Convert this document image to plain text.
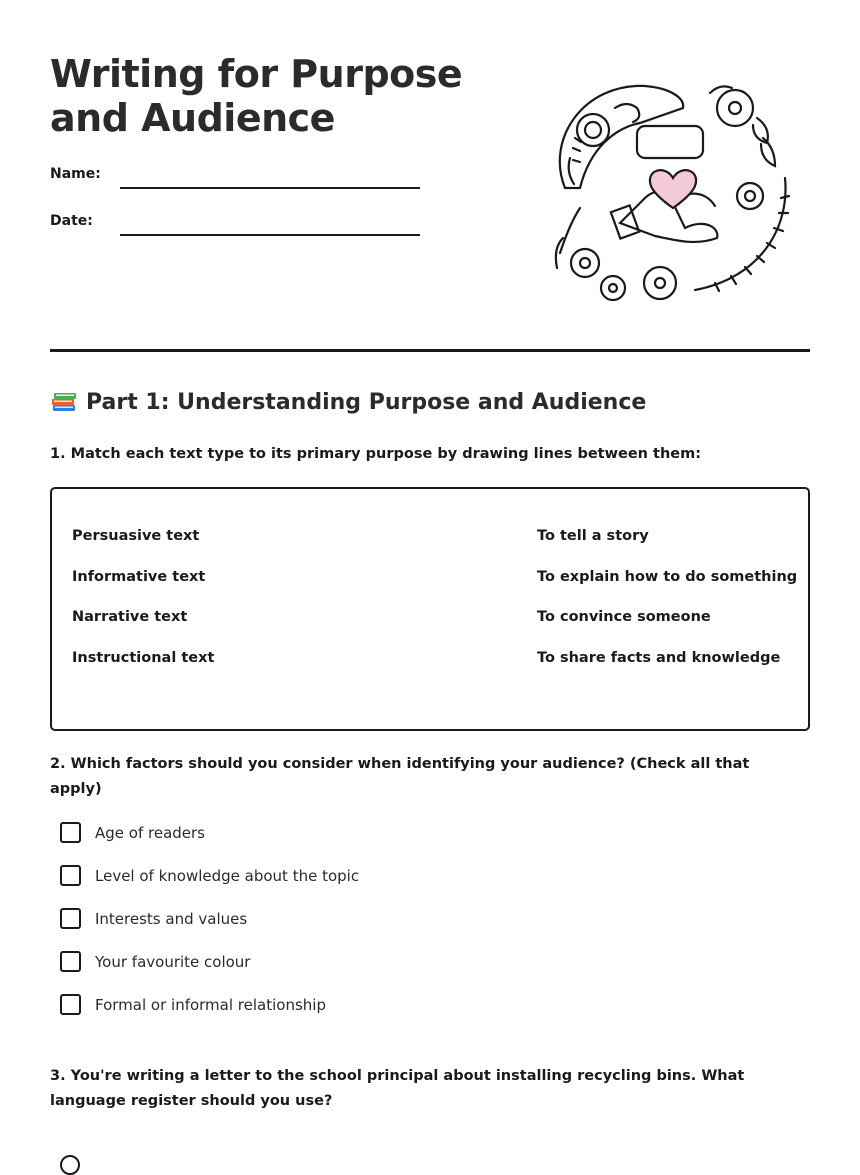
Writing for Purpose and Audience
Name:
Date:
Part 1: Understanding Purpose and Audience

1. Match each text type to its primary purpose by drawing lines between them:

Persuasive text
Informative text
Narrative text
Instructional text
To tell a story
To explain how to do something
To convince someone
To share facts and knowledge

2. Which factors should you consider when identifying your audience? (Check all that apply)

Age of readers
Level of knowledge about the topic
Interests and values
Your favourite colour
Formal or informal relationship

3. You're writing a letter to the school principal about installing recycling bins. What language register should you use?
